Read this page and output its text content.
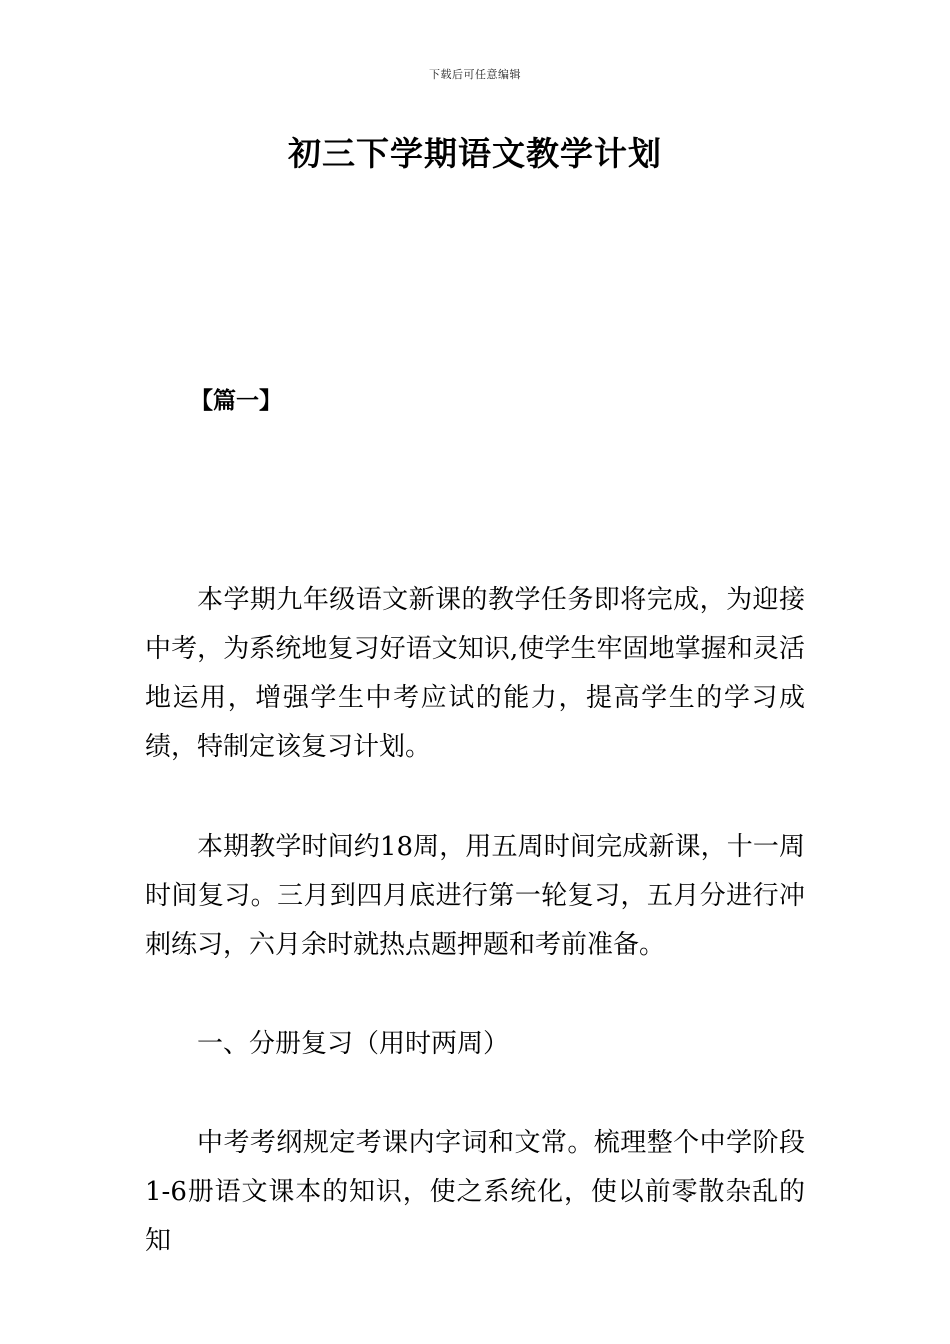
下载后可任意编辑
初三下学期语文教学计划
【篇一】

本学期九年级语文新课的教学任务即将完成，为迎接中考，为系统地复习好语文知识,使学生牢固地掌握和灵活地运用，增强学生中考应试的能力，提高学生的学习成绩，特制定该复习计划。

本期教学时间约18周，用五周时间完成新课，十一周时间复习。三月到四月底进行第一轮复习，五月分进行冲刺练习，六月余时就热点题押题和考前准备。

一、分册复习（用时两周）

中考考纲规定考课内字词和文常。梳理整个中学阶段1-6册语文课本的知识，使之系统化，使以前零散杂乱的知
